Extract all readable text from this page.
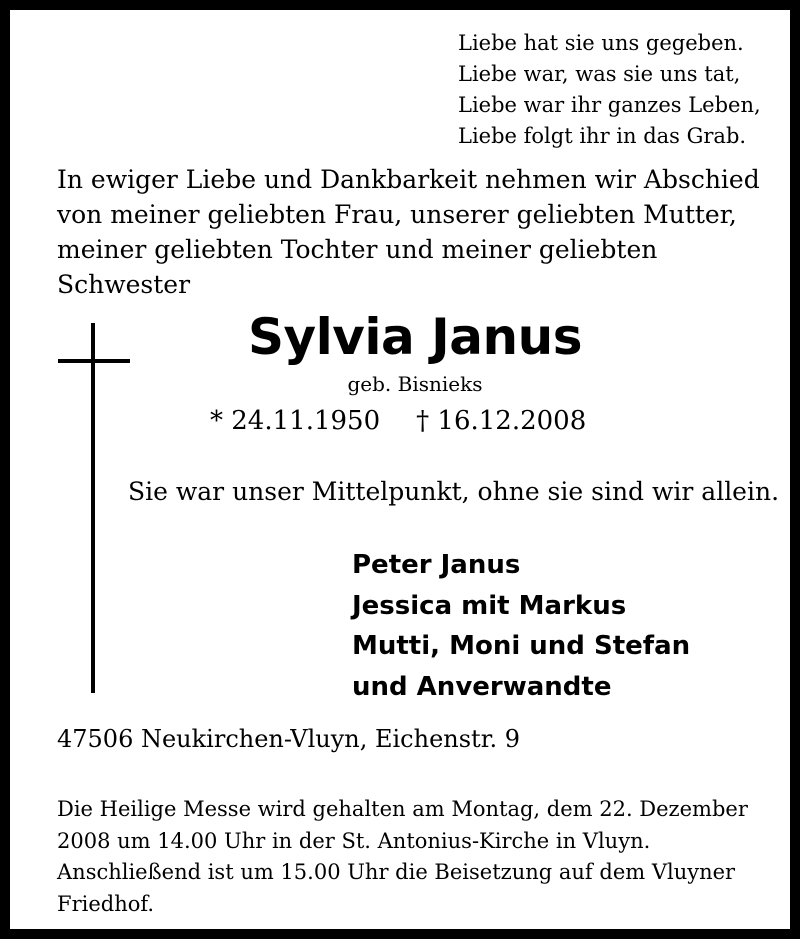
Liebe hat sie uns gegeben.
Liebe war, was sie uns tat,
Liebe war ihr ganzes Leben,
Liebe folgt ihr in das Grab.
In ewiger Liebe und Dankbarkeit nehmen wir Abschied
von meiner geliebten Frau, unserer geliebten Mutter,
meiner geliebten Tochter und meiner geliebten
Schwester
Sylvia Janus
geb. Bisnieks
* 24.11.1950 † 16.12.2008
Sie war unser Mittelpunkt, ohne sie sind wir allein.
Peter Janus
Jessica mit Markus
Mutti, Moni und Stefan
und Anverwandte
47506 Neukirchen-Vluyn, Eichenstr. 9
Die Heilige Messe wird gehalten am Montag, dem 22. Dezember
2008 um 14.00 Uhr in der St. Antonius-Kirche in Vluyn.
Anschließend ist um 15.00 Uhr die Beisetzung auf dem Vluyner
Friedhof.
